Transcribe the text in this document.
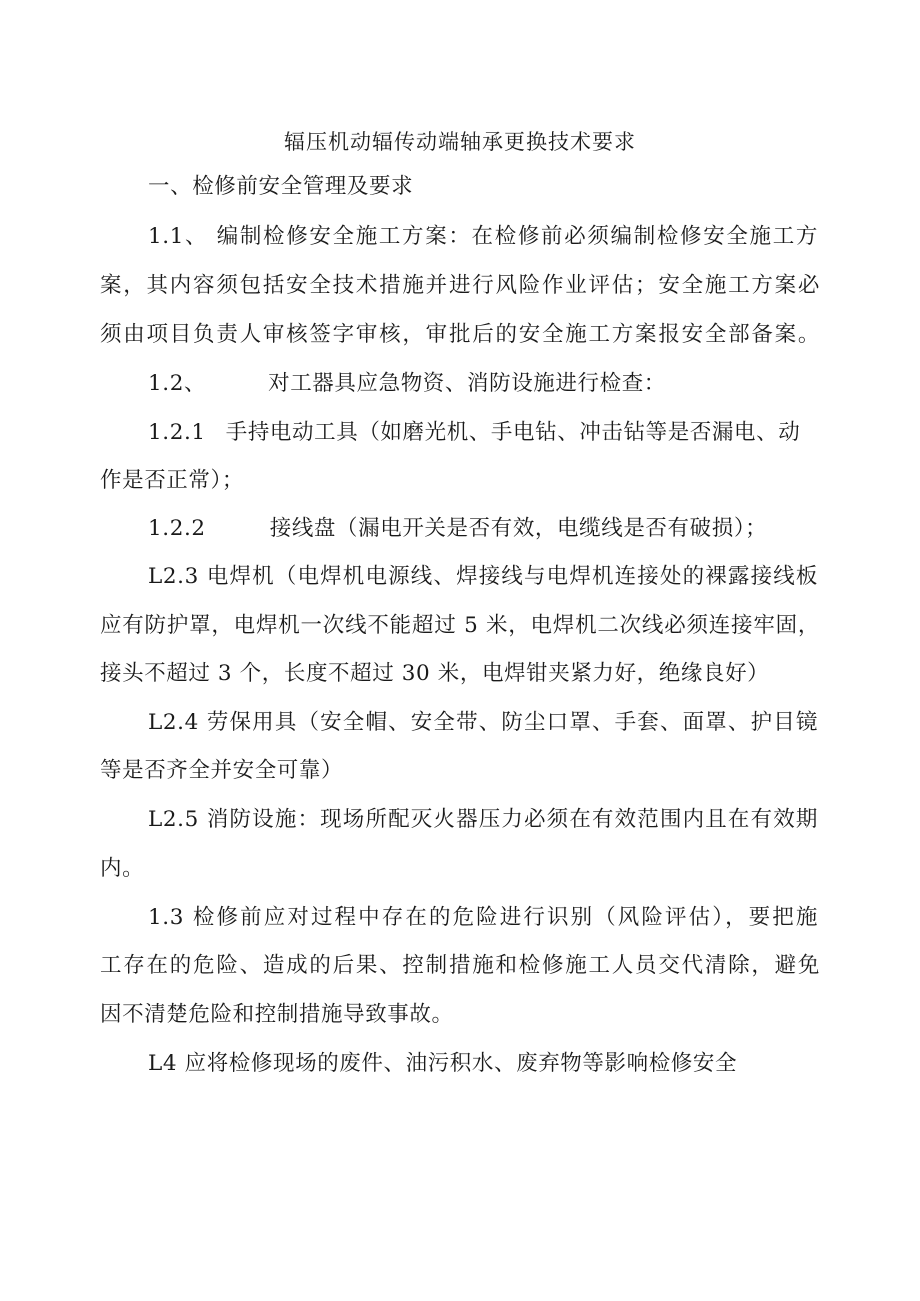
辐压机动辐传动端轴承更换技术要求
一、检修前安全管理及要求
1.1、 编制检修安全施工方案：在检修前必须编制检修安全施工方
案，其内容须包括安全技术措施并进行风险作业评估；安全施工方案必
须由项目负责人审核签字审核，审批后的安全施工方案报安全部备案。
1.2、	对工器具应急物资、消防设施进行检查：
1.2.1 手持电动工具（如磨光机、手电钻、冲击钻等是否漏电、动
作是否正常）；
1.2.2	接线盘（漏电开关是否有效，电缆线是否有破损）；
L2.3 电焊机（电焊机电源线、焊接线与电焊机连接处的裸露接线板
应有防护罩，电焊机一次线不能超过 5 米，电焊机二次线必须连接牢固，
接头不超过 3 个，长度不超过 30 米，电焊钳夹紧力好，绝缘良好）
L2.4 劳保用具（安全帽、安全带、防尘口罩、手套、面罩、护目镜
等是否齐全并安全可靠）
L2.5 消防设施：现场所配灭火器压力必须在有效范围内且在有效期
内。
1.3 检修前应对过程中存在的危险进行识别（风险评估），要把施
工存在的危险、造成的后果、控制措施和检修施工人员交代清除，避免
因不清楚危险和控制措施导致事故。
L4 应将检修现场的废件、油污积水、废弃物等影响检修安全
